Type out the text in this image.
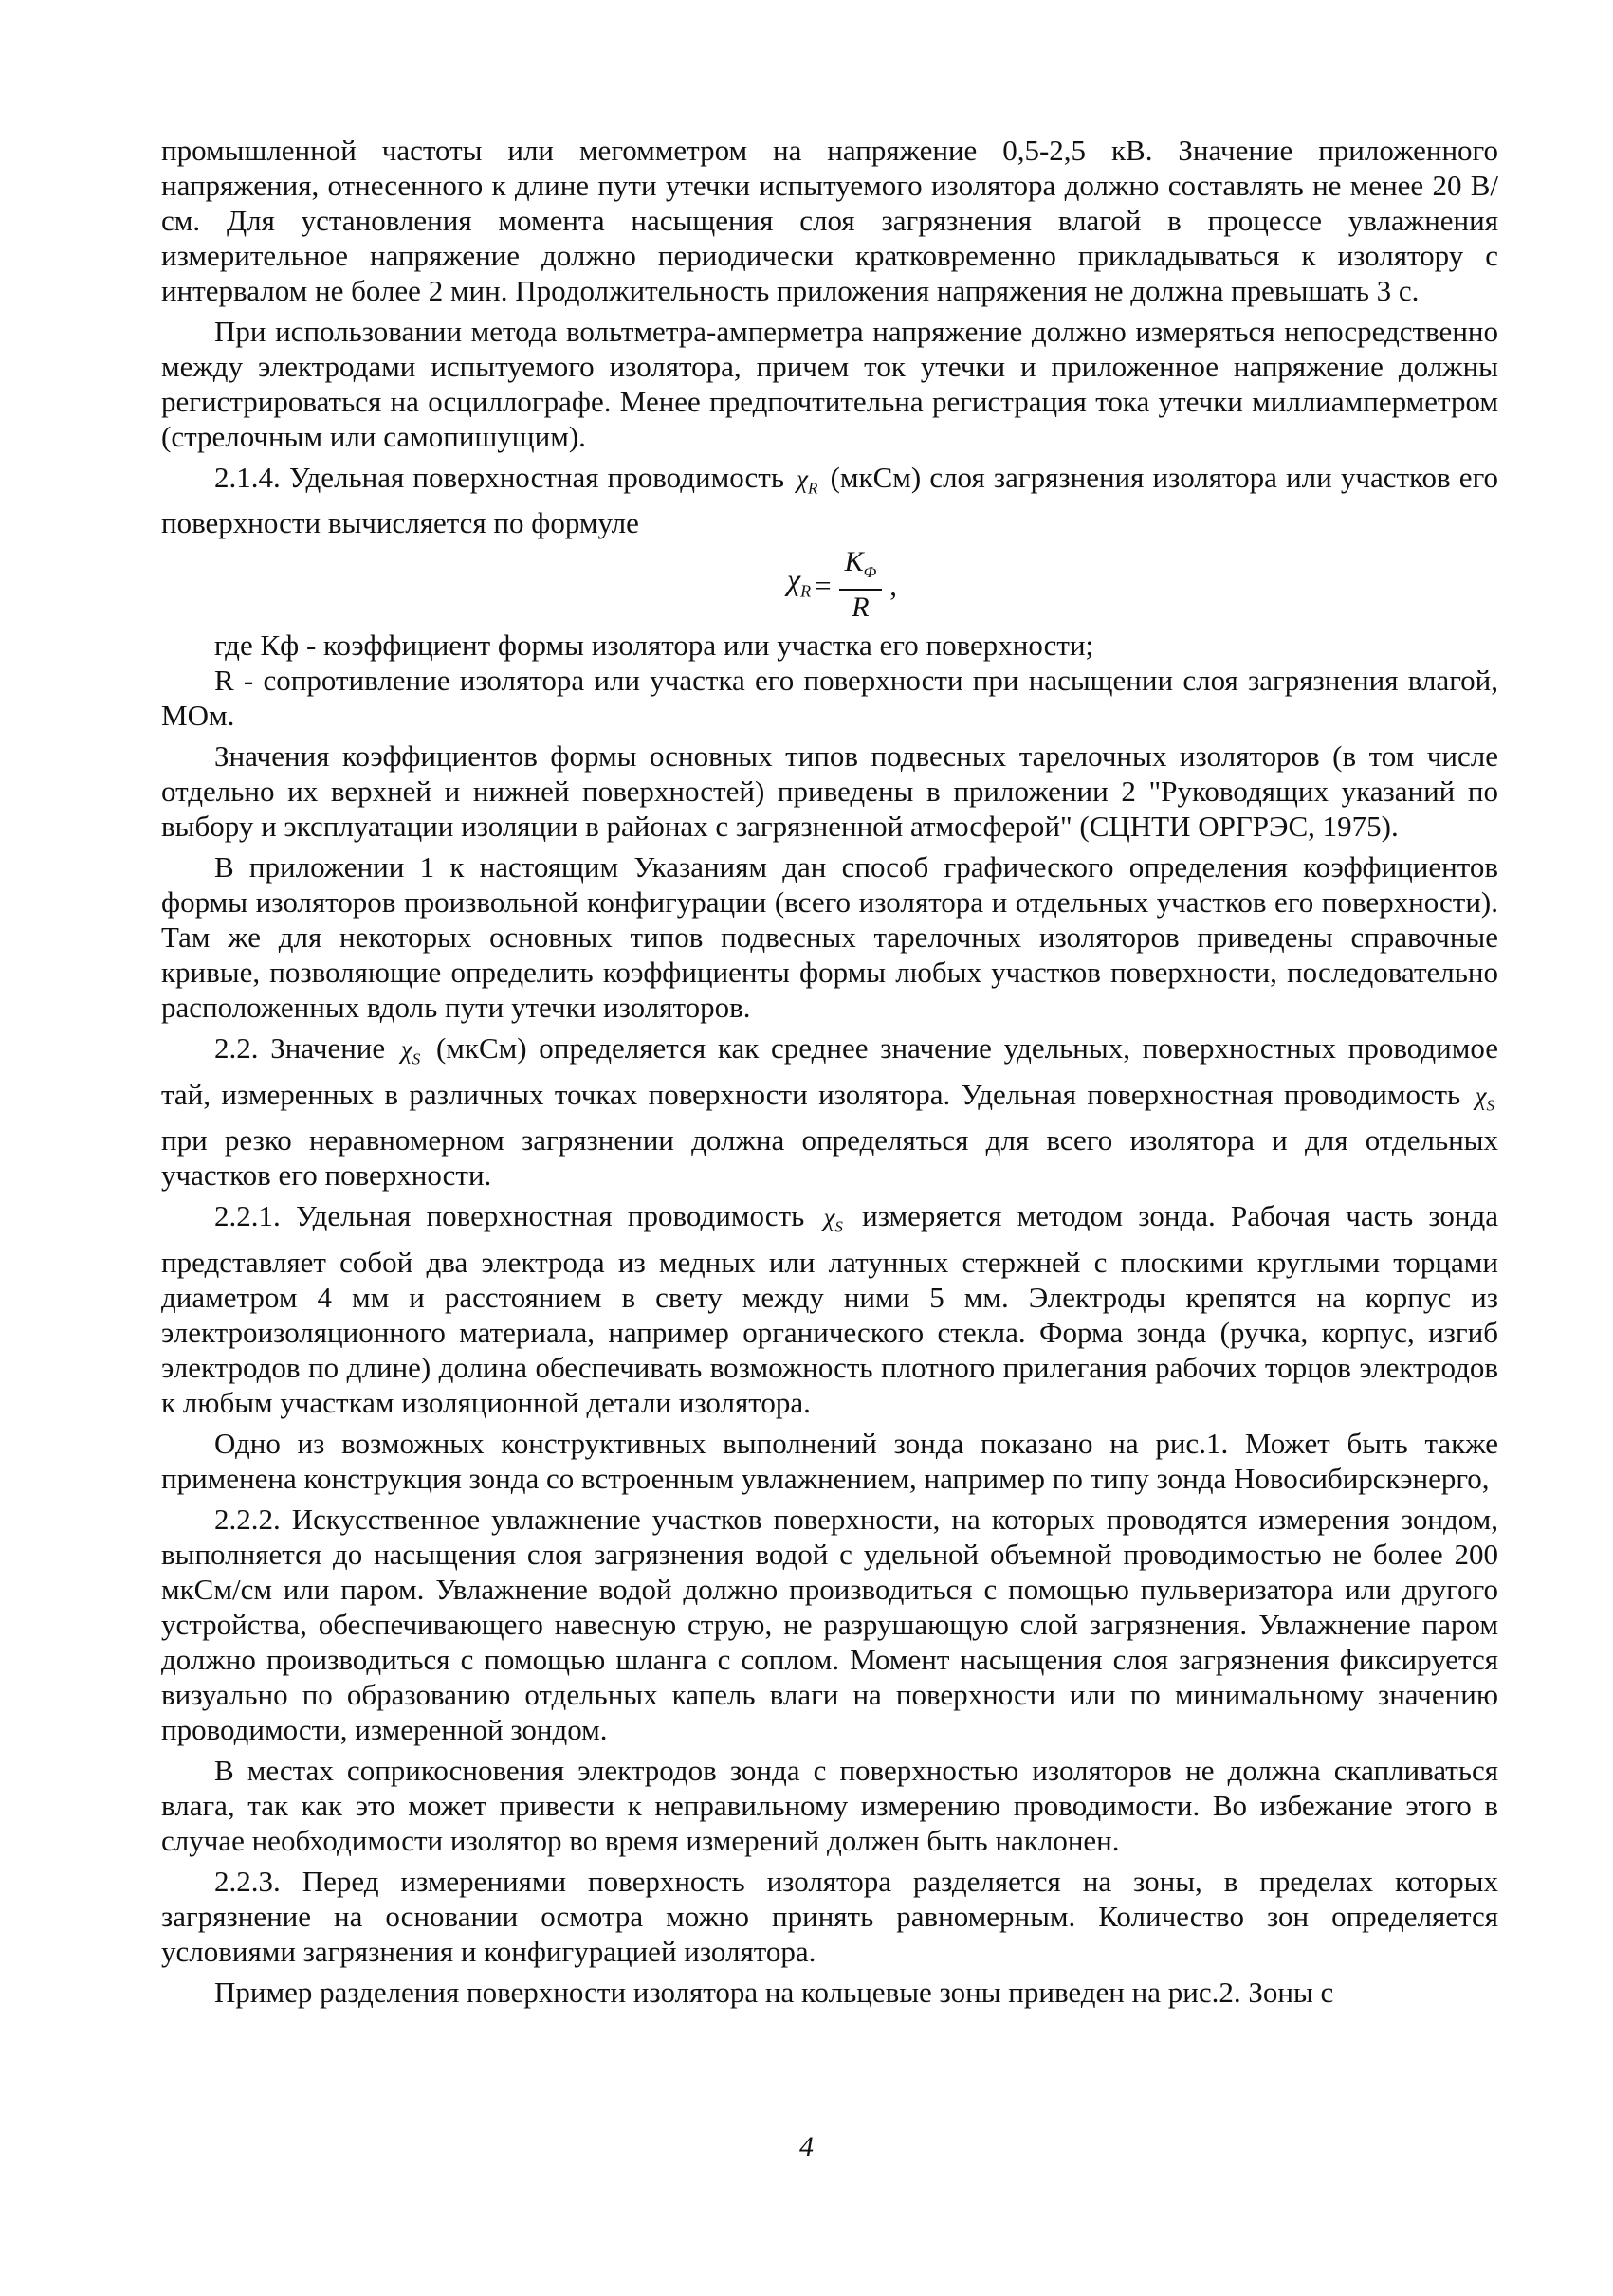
промышленной частоты или мегомметром на напряжение 0,5-2,5 кВ. Значение приложенного напряжения, отнесенного к длине пути утечки испытуемого изолятора должно составлять не менее 20 В/см. Для установления момента насыщения слоя загрязнения влагой в процессе увлажнения измерительное напряжение должно периодически кратковременно прикладываться к изолятору с интервалом не более 2 мин. Продолжительность приложения напряжения не должна превышать 3 с.

При использовании метода вольтметра-амперметра напряжение должно измеряться непосредственно между электродами испытуемого изолятора, причем ток утечки и приложенное напряжение должны регистрироваться на осциллографе. Менее предпочтительна регистрация тока утечки миллиамперметром (стрелочным или самопишущим).

2.1.4. Удельная поверхностная проводимость $\chi_R$ (мкСм) слоя загрязнения изолятора или участков его поверхности вычисляется по формуле

$\chi_R = \frac{K_Ф}{R}$ ,

где Кф - коэффициент формы изолятора или участка его поверхности;

R - сопротивление изолятора или участка его поверхности при насыщении слоя загрязнения влагой, МОм.

Значения коэффициентов формы основных типов подвесных тарелочных изоляторов (в том числе отдельно их верхней и нижней поверхностей) приведены в приложении 2 "Руководящих указаний по выбору и эксплуатации изоляции в районах с загрязненной атмосферой" (СЦНТИ ОРГРЭС, 1975).

В приложении 1 к настоящим Указаниям дан способ графического определения коэффициентов формы изоляторов произвольной конфигурации (всего изолятора и отдельных участков его поверхности). Там же для некоторых основных типов подвесных тарелочных изоляторов приведены справочные кривые, позволяющие определить коэффициенты формы любых участков поверхности, последовательно расположенных вдоль пути утечки изоляторов.

2.2. Значение $\chi_S$ (мкСм) определяется как среднее значение удельных, поверхностных проводимое тай, измеренных в различных точках поверхности изолятора. Удельная поверхностная проводимость $\chi_S$ при резко неравномерном загрязнении должна определяться для всего изолятора и для отдельных участков его поверхности.

2.2.1. Удельная поверхностная проводимость $\chi_S$ измеряется методом зонда. Рабочая часть зонда представляет собой два электрода из медных или латунных стержней с плоскими круглыми торцами диаметром 4 мм и расстоянием в свету между ними 5 мм. Электроды крепятся на корпус из электроизоляционного материала, например органического стекла. Форма зонда (ручка, корпус, изгиб электродов по длине) долина обеспечивать возможность плотного прилегания рабочих торцов электродов к любым участкам изоляционной детали изолятора.

Одно из возможных конструктивных выполнений зонда показано на рис.1. Может быть также применена конструкция зонда со встроенным увлажнением, например по типу зонда Новосибирскэнерго,

2.2.2. Искусственное увлажнение участков поверхности, на которых проводятся измерения зондом, выполняется до насыщения слоя загрязнения водой с удельной объемной проводимостью не более 200 мкСм/см или паром. Увлажнение водой должно производиться с помощью пульверизатора или другого устройства, обеспечивающего навесную струю, не разрушающую слой загрязнения. Увлажнение паром должно производиться с помощью шланга с соплом. Момент насыщения слоя загрязнения фиксируется визуально по образованию отдельных капель влаги на поверхности или по минимальному значению проводимости, измеренной зондом.

В местах соприкосновения электродов зонда с поверхностью изоляторов не должна скапливаться влага, так как это может привести к неправильному измерению проводимости. Во избежание этого в случае необходимости изолятор во время измерений должен быть наклонен.

2.2.3. Перед измерениями поверхность изолятора разделяется на зоны, в пределах которых загрязнение на основании осмотра можно принять равномерным. Количество зон определяется условиями загрязнения и конфигурацией изолятора.

Пример разделения поверхности изолятора на кольцевые зоны приведен на рис.2. Зоны с

4
